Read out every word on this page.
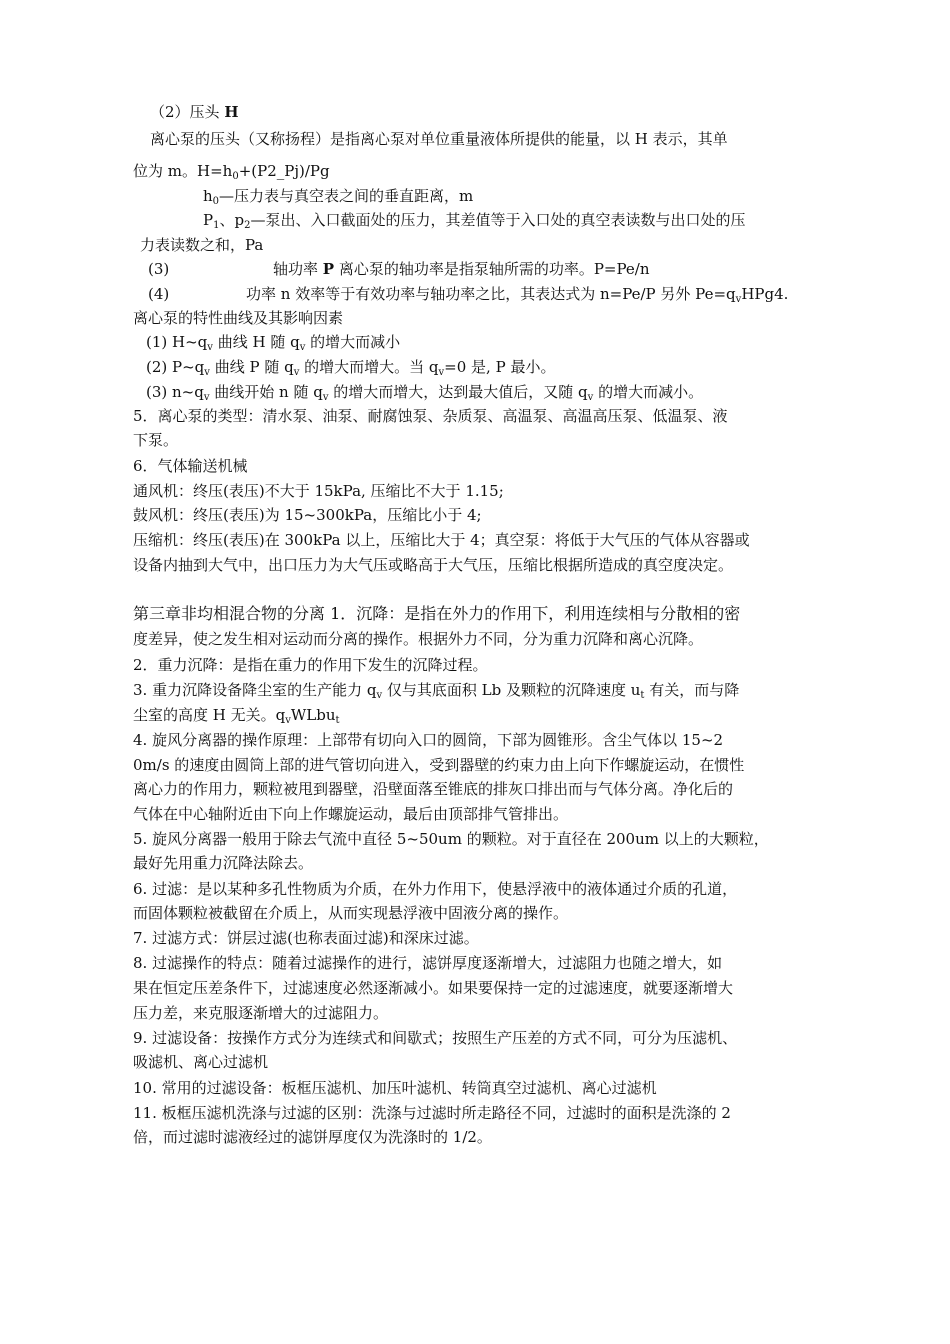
（2）压头 H
离心泵的压头（又称扬程）是指离心泵对单位重量液体所提供的能量，以 H 表示，其单
位为 m。$H=h_0+(P2\_Pj)/Pg$
$h_0—$压力表与真空表之间的垂直距离，m
$P_1$、$p_2—$泵出、入口截面处的压力，其差值等于入口处的真空表读数与出口处的压
力表读数之和，Pa
(3)	轴功率 P 离心泵的轴功率是指泵轴所需的功率。P=Pe/n
(4)	功率 n 效率等于有效功率与轴功率之比，其表达式为 n=Pe/P 另外 $Pe=q_vHPg4$.
离心泵的特性曲线及其影响因素
(1) $H\sim q_v$ 曲线 H 随 $q_v$ 的增大而减小
(2) $P\sim q_v$ 曲线 P 随 $q_v$ 的增大而增大。当 $q_v=0$ 是, P 最小。
(3) $n\sim q_v$ 曲线开始 n 随 $q_v$ 的增大而增大，达到最大值后，又随 $q_v$ 的增大而减小。
5．离心泵的类型：清水泵、油泵、耐腐蚀泵、杂质泵、高温泵、高温高压泵、低温泵、液
下泵。
6．气体输送机械
通风机：终压(表压)不大于 15kPa, 压缩比不大于 1.15;
鼓风机：终压(表压)为 15~300kPa，压缩比小于 4;
压缩机：终压(表压)在 300kPa 以上，压缩比大于 4；真空泵：将低于大气压的气体从容器或
设备内抽到大气中，出口压力为大气压或略高于大气压，压缩比根据所造成的真空度决定。
第三章非均相混合物的分离 1．沉降：是指在外力的作用下，利用连续相与分散相的密
度差异，使之发生相对运动而分离的操作。根据外力不同，分为重力沉降和离心沉降。
2．重力沉降：是指在重力的作用下发生的沉降过程。
3. 重力沉降设备降尘室的生产能力 $q_v$ 仅与其底面积 Lb 及颗粒的沉降速度 $u_t$ 有关，而与降
尘室的高度 H 无关。$q_vWLbu_t$
4. 旋风分离器的操作原理：上部带有切向入口的圆筒，下部为圆锥形。含尘气体以 15~2
0m/s 的速度由圆筒上部的进气管切向进入，受到器壁的约束力由上向下作螺旋运动，在惯性
离心力的作用力，颗粒被甩到器壁，沿壁面落至锥底的排灰口排出而与气体分离。净化后的
气体在中心轴附近由下向上作螺旋运动，最后由顶部排气管排出。
5. 旋风分离器一般用于除去气流中直径 5~50um 的颗粒。对于直径在 200um 以上的大颗粒，
最好先用重力沉降法除去。
6. 过滤：是以某种多孔性物质为介质，在外力作用下，使悬浮液中的液体通过介质的孔道，
而固体颗粒被截留在介质上，从而实现悬浮液中固液分离的操作。
7. 过滤方式：饼层过滤(也称表面过滤)和深床过滤。
8. 过滤操作的特点：随着过滤操作的进行，滤饼厚度逐渐增大，过滤阻力也随之增大，如
果在恒定压差条件下，过滤速度必然逐渐减小。如果要保持一定的过滤速度，就要逐渐增大
压力差，来克服逐渐增大的过滤阻力。
9. 过滤设备：按操作方式分为连续式和间歇式；按照生产压差的方式不同，可分为压滤机、
吸滤机、离心过滤机
10. 常用的过滤设备：板框压滤机、加压叶滤机、转筒真空过滤机、离心过滤机
11. 板框压滤机洗涤与过滤的区别：洗涤与过滤时所走路径不同，过滤时的面积是洗涤的 2
倍，而过滤时滤液经过的滤饼厚度仅为洗涤时的 1/2。
